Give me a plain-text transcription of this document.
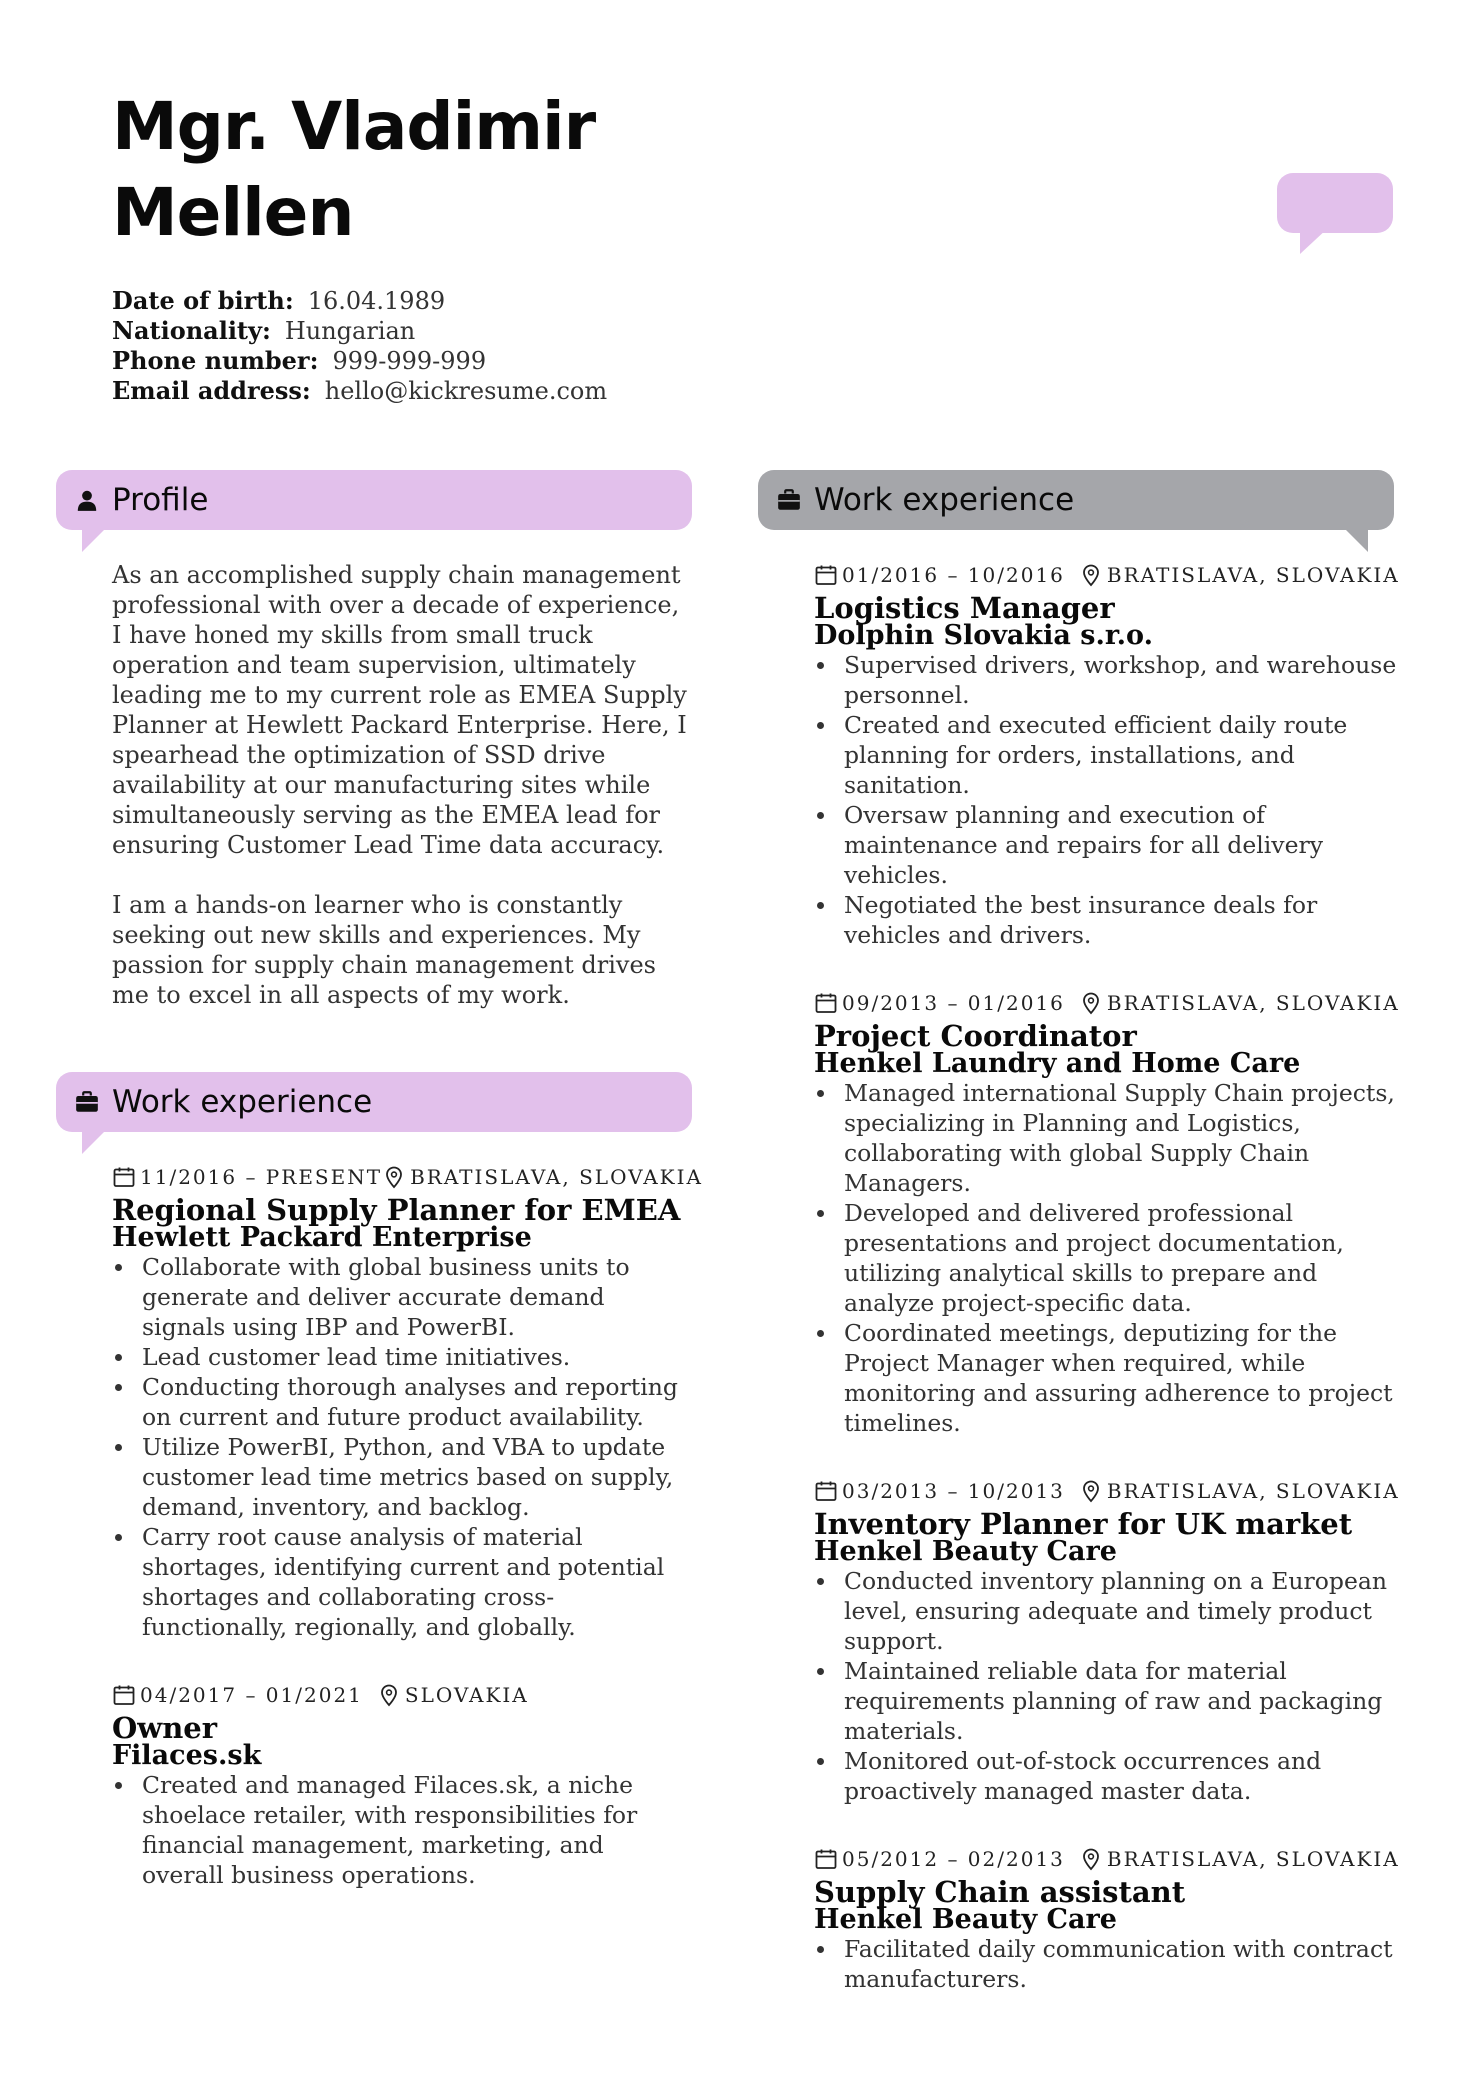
Mgr. Vladimir
Mellen
Date of birth: 16.04.1989
Nationality: Hungarian
Phone number: 999-999-999
Email address: hello@kickresume.com
Profile

As an accomplished supply chain management professional with over a decade of experience, I have honed my skills from small truck operation and team supervision, ultimately leading me to my current role as EMEA Supply Planner at Hewlett Packard Enterprise. Here, I spearhead the optimization of SSD drive availability at our manufacturing sites while simultaneously serving as the EMEA lead for ensuring Customer Lead Time data accuracy.

I am a hands-on learner who is constantly seeking out new skills and experiences. My passion for supply chain management drives me to excel in all aspects of my work.

Work experience
11/2016 – PRESENT BRATISLAVA, SLOVAKIA
Regional Supply Planner for EMEA
Hewlett Packard Enterprise
Collaborate with global business units to generate and deliver accurate demand signals using IBP and PowerBI.
Lead customer lead time initiatives.
Conducting thorough analyses and reporting on current and future product availability.
Utilize PowerBI, Python, and VBA to update customer lead time metrics based on supply, demand, inventory, and backlog.
Carry root cause analysis of material shortages, identifying current and potential shortages and collaborating cross-functionally, regionally, and globally.
04/2017 – 01/2021 SLOVAKIA
Owner
Filaces.sk
Created and managed Filaces.sk, a niche shoelace retailer, with responsibilities for financial management, marketing, and overall business operations.
Work experience
01/2016 – 10/2016 BRATISLAVA, SLOVAKIA
Logistics Manager
Dolphin Slovakia s.r.o.
Supervised drivers, workshop, and warehouse personnel.
Created and executed efficient daily route planning for orders, installations, and sanitation.
Oversaw planning and execution of maintenance and repairs for all delivery vehicles.
Negotiated the best insurance deals for vehicles and drivers.
09/2013 – 01/2016 BRATISLAVA, SLOVAKIA
Project Coordinator
Henkel Laundry and Home Care
Managed international Supply Chain projects, specializing in Planning and Logistics, collaborating with global Supply Chain Managers.
Developed and delivered professional presentations and project documentation, utilizing analytical skills to prepare and analyze project-specific data.
Coordinated meetings, deputizing for the Project Manager when required, while monitoring and assuring adherence to project timelines.
03/2013 – 10/2013 BRATISLAVA, SLOVAKIA
Inventory Planner for UK market
Henkel Beauty Care
Conducted inventory planning on a European level, ensuring adequate and timely product support.
Maintained reliable data for material requirements planning of raw and packaging materials.
Monitored out-of-stock occurrences and proactively managed master data.
05/2012 – 02/2013 BRATISLAVA, SLOVAKIA
Supply Chain assistant
Henkel Beauty Care
Facilitated daily communication with contract manufacturers.
